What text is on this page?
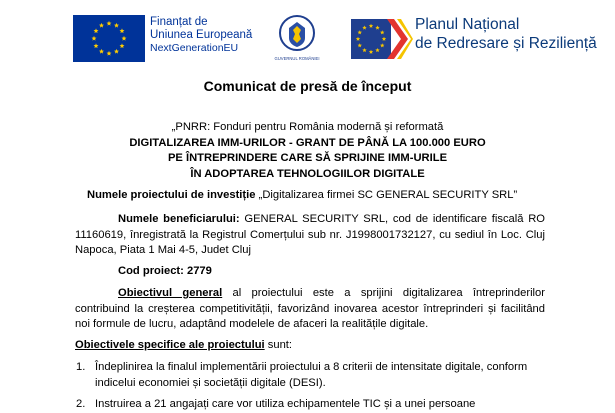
Finanțat de
Uniunea Europeană
NextGenerationEU
GUVERNUL ROMÂNIEI
Planul Național
de Redresare și Reziliență
Comunicat de presă de început
„PNRR: Fonduri pentru România modernă și reformată
DIGITALIZAREA IMM-URILOR - GRANT DE PÂNĂ LA 100.000 EURO
PE ÎNTREPRINDERE CARE SĂ SPRIJINE IMM-URILE
ÎN ADOPTAREA TEHNOLOGIILOR DIGITALE
Numele proiectului de investiție „Digitalizarea firmei SC GENERAL SECURITY SRL”
Numele beneficiarului: GENERAL SECURITY SRL, cod de identificare fiscală RO 11160619, înregistrată la Registrul Comerțului sub nr. J1998001732127, cu sediul în Loc. Cluj Napoca, Piata 1 Mai 4-5, Judet Cluj
Cod proiect: 2779
Obiectivul general al proiectului este a sprijini digitalizarea întreprinderilor contribuind la creșterea competitivității, favorizând inovarea acestor întreprinderi și facilitând noi formule de lucru, adaptând modelele de afaceri la realitățile digitale.
Obiectivele specifice ale proiectului sunt:
1. Îndeplinirea la finalul implementării proiectului a 8 criterii de intensitate digitale, conform indicelui economiei și societății digitale (DESI).
2. Instruirea a 21 angajați care vor utiliza echipamentele TIC și a unei persoane
